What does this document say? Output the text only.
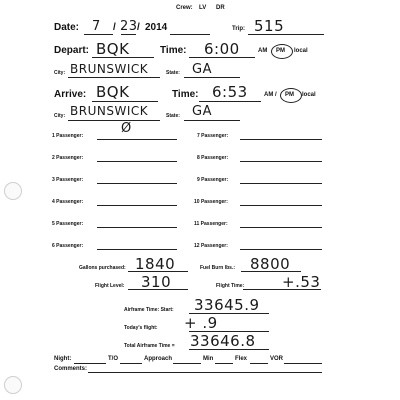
Crew: LV DR
Date: 7 / 23 / 2014	Trip: 515
Depart: BQK	Time: 6:00	AM PM local
City: BRUNSWICK	State: GA
Arrive: BQK	Time: 6:53	AM / PM local
City: BRUNSWICK	State: GA
1 Passenger:	Ø
2 Passenger:
3 Passenger:
4 Passenger:
5 Passenger:
6 Passenger:
7 Passenger:
8 Passenger:
9 Passenger:
10 Passenger:
11 Passenger:
12 Passenger:
Gallons purchased: 1840	Fuel Burn lbs.: 8800
Flight Level: 310	Flight Time:	+.53
Airframe Time: Start: 33645.9
Today's flight: + .9
Total Airframe Time = 33646.8
Night:	T/O	Approach	Min	Flex	VOR
Comments:
